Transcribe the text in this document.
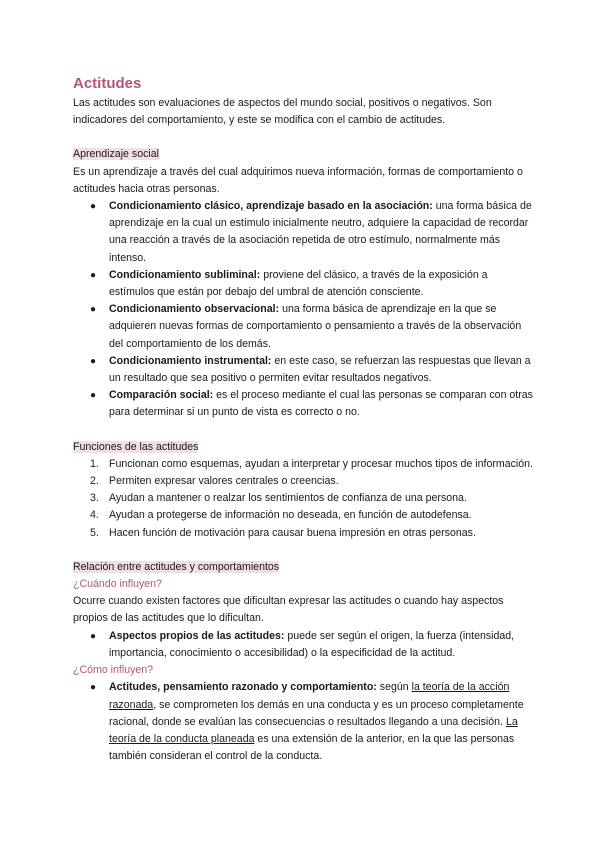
Actitudes

Las actitudes son evaluaciones de aspectos del mundo social, positivos o negativos. Son indicadores del comportamiento, y este se modifica con el cambio de actitudes.

Aprendizaje social

Es un aprendizaje a través del cual adquirimos nueva información, formas de comportamiento o actitudes hacia otras personas.

● Condicionamiento clásico, aprendizaje basado en la asociación: una forma básica de aprendizaje en la cual un estímulo inicialmente neutro, adquiere la capacidad de recordar una reacción a través de la asociación repetida de otro estímulo, normalmente más intenso.
● Condicionamiento subliminal: proviene del clásico, a través de la exposición a estímulos que están por debajo del umbral de atención consciente.
● Condicionamiento observacional: una forma básica de aprendizaje en la que se adquieren nuevas formas de comportamiento o pensamiento a través de la observación del comportamiento de los demás.
● Condicionamiento instrumental: en este caso, se refuerzan las respuestas que llevan a un resultado que sea positivo o permiten evitar resultados negativos.
● Comparación social: es el proceso mediante el cual las personas se comparan con otras para determinar si un punto de vista es correcto o no.
Funciones de las actitudes
1. Funcionan como esquemas, ayudan a interpretar y procesar muchos tipos de información.
2. Permiten expresar valores centrales o creencias.
3. Ayudan a mantener o realzar los sentimientos de confianza de una persona.
4. Ayudan a protegerse de información no deseada, en función de autodefensa.
5. Hacen función de motivación para causar buena impresión en otras personas.
Relación entre actitudes y comportamientos
¿Cuándo influyen?

Ocurre cuando existen factores que dificultan expresar las actitudes o cuando hay aspectos propios de las actitudes que lo dificultan.

● Aspectos propios de las actitudes: puede ser según el origen, la fuerza (intensidad, importancia, conocimiento o accesibilidad) o la especificidad de la actitud.
¿Cómo influyen?
● Actitudes, pensamiento razonado y comportamiento: según la teoría de la acción razonada, se comprometen los demás en una conducta y es un proceso completamente racional, donde se evalúan las consecuencias o resultados llegando a una decisión. La teoría de la conducta planeada es una extensión de la anterior, en la que las personas también consideran el control de la conducta.
